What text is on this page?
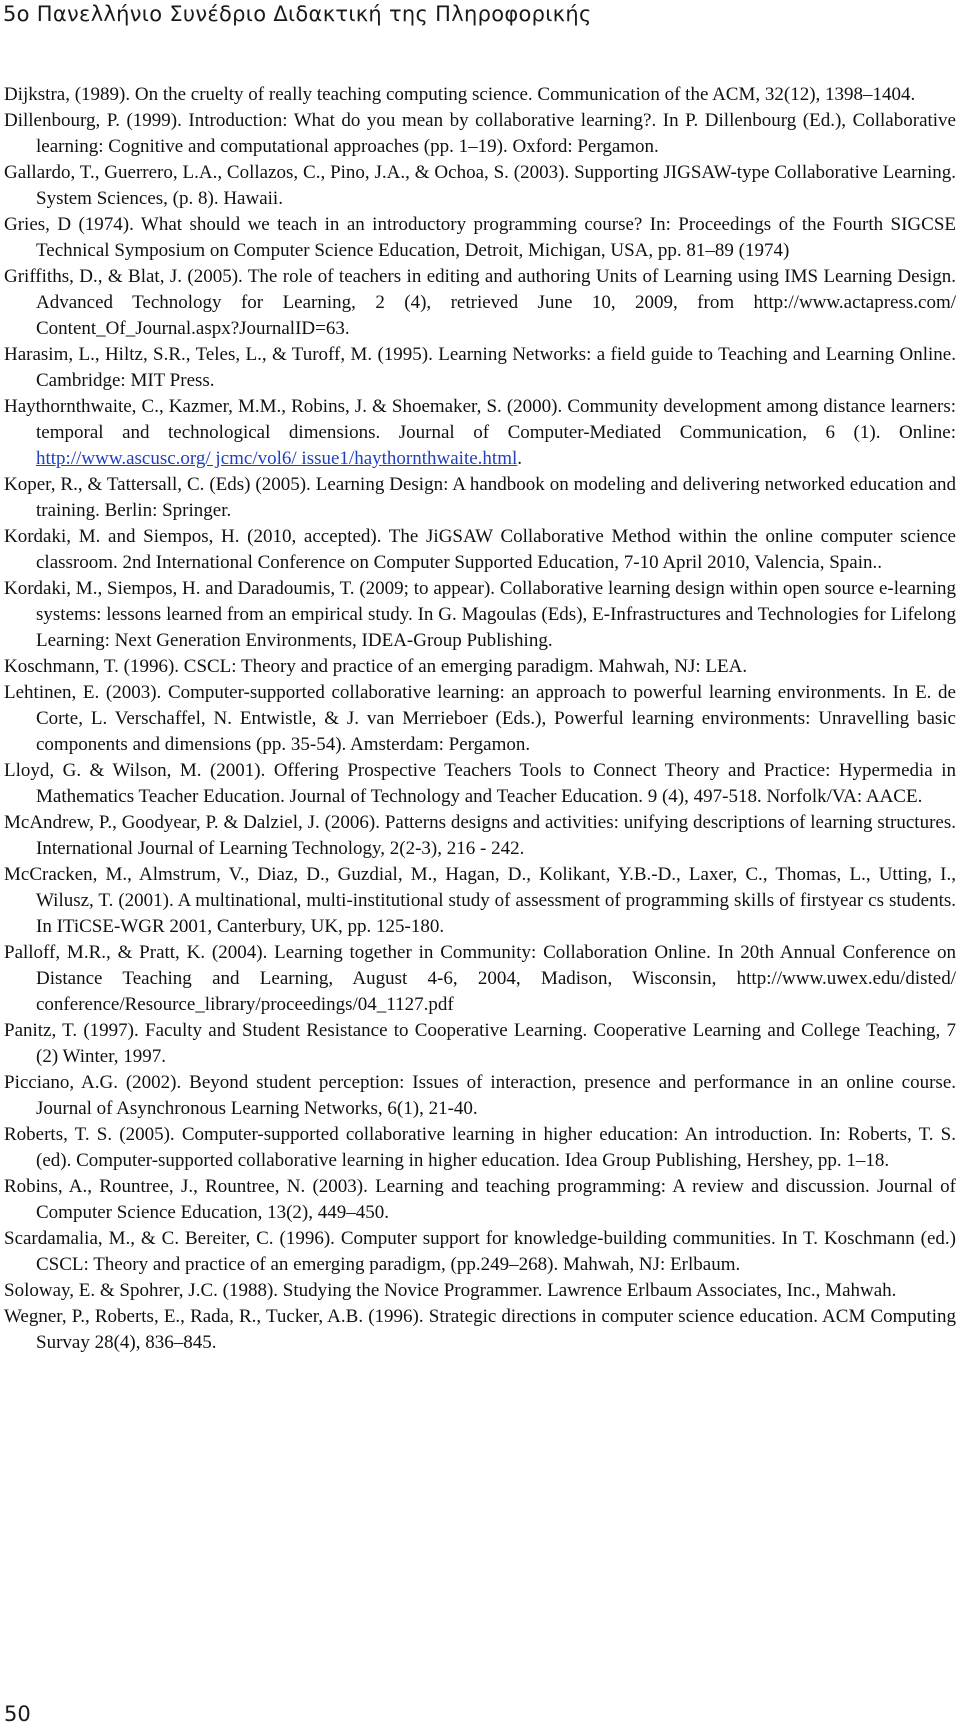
5ο Πανελλήνιο Συνέδριο Διδακτική της Πληροφορικής
Dijkstra, (1989). On the cruelty of really teaching computing science. Communication of the ACM, 32(12), 1398–1404.
Dillenbourg, P. (1999). Introduction: What do you mean by collaborative learning?. In P. Dillenbourg (Ed.), Collaborative learning: Cognitive and computational approaches (pp. 1–19). Oxford: Pergamon.
Gallardo, T., Guerrero, L.A., Collazos, C., Pino, J.A., & Ochoa, S. (2003). Supporting JIGSAW-type Collaborative Learning. System Sciences, (p. 8). Hawaii.
Gries, D (1974). What should we teach in an introductory programming course? In: Proceedings of the Fourth SIGCSE Technical Symposium on Computer Science Education, Detroit, Michigan, USA, pp. 81–89 (1974)
Griffiths, D., & Blat, J. (2005). The role of teachers in editing and authoring Units of Learning using IMS Learning Design. Advanced Technology for Learning, 2 (4), retrieved June 10, 2009, from http://www.actapress.com/ Content_Of_Journal.aspx?JournalID=63.
Harasim, L., Hiltz, S.R., Teles, L., & Turoff, M. (1995). Learning Networks: a field guide to Teaching and Learning Online. Cambridge: MIT Press.
Haythornthwaite, C., Kazmer, M.M., Robins, J. & Shoemaker, S. (2000). Community development among distance learners: temporal and technological dimensions. Journal of Computer-Mediated Communication, 6 (1). Online: http://www.ascusc.org/ jcmc/vol6/ issue1/haythornthwaite.html.
Koper, R., & Tattersall, C. (Eds) (2005). Learning Design: A handbook on modeling and delivering networked education and training. Berlin: Springer.
Kordaki, M. and Siempos, H. (2010, accepted). The JiGSAW Collaborative Method within the online computer science classroom. 2nd International Conference on Computer Supported Education, 7-10 April 2010, Valencia, Spain..
Kordaki, M., Siempos, H. and Daradoumis, T. (2009; to appear). Collaborative learning design within open source e-learning systems: lessons learned from an empirical study. In G. Magoulas (Eds), E-Infrastructures and Technologies for Lifelong Learning: Next Generation Environments, IDEA-Group Publishing.
Koschmann, T. (1996). CSCL: Theory and practice of an emerging paradigm. Mahwah, NJ: LEA.
Lehtinen, E. (2003). Computer-supported collaborative learning: an approach to powerful learning environments. In E. de Corte, L. Verschaffel, N. Entwistle, & J. van Merrieboer (Eds.), Powerful learning environments: Unravelling basic components and dimensions (pp. 35-54). Amsterdam: Pergamon.
Lloyd, G. & Wilson, M. (2001). Offering Prospective Teachers Tools to Connect Theory and Practice: Hypermedia in Mathematics Teacher Education. Journal of Technology and Teacher Education. 9 (4), 497-518. Norfolk/VA: AACE.
McAndrew, P., Goodyear, P. & Dalziel, J. (2006). Patterns designs and activities: unifying descriptions of learning structures. International Journal of Learning Technology, 2(2-3), 216 - 242.
McCracken, M., Almstrum, V., Diaz, D., Guzdial, M., Hagan, D., Kolikant, Y.B.-D., Laxer, C., Thomas, L., Utting, I., Wilusz, T. (2001). A multinational, multi-institutional study of assessment of programming skills of firstyear cs students. In ITiCSE-WGR 2001, Canterbury, UK, pp. 125-180.
Palloff, M.R., & Pratt, K. (2004). Learning together in Community: Collaboration Online. In 20th Annual Conference on Distance Teaching and Learning, August 4-6, 2004, Madison, Wisconsin, http://www.uwex.edu/disted/ conference/Resource_library/proceedings/04_1127.pdf
Panitz, T. (1997). Faculty and Student Resistance to Cooperative Learning. Cooperative Learning and College Teaching, 7 (2) Winter, 1997.
Picciano, A.G. (2002). Beyond student perception: Issues of interaction, presence and performance in an online course. Journal of Asynchronous Learning Networks, 6(1), 21-40.
Roberts, T. S. (2005). Computer-supported collaborative learning in higher education: An introduction. In: Roberts, T. S. (ed). Computer-supported collaborative learning in higher education. Idea Group Publishing, Hershey, pp. 1–18.
Robins, A., Rountree, J., Rountree, N. (2003). Learning and teaching programming: A review and discussion. Journal of Computer Science Education, 13(2), 449–450.
Scardamalia, M., & C. Bereiter, C. (1996). Computer support for knowledge-building communities. In T. Koschmann (ed.) CSCL: Theory and practice of an emerging paradigm, (pp.249–268). Mahwah, NJ: Erlbaum.
Soloway, E. & Spohrer, J.C. (1988). Studying the Novice Programmer. Lawrence Erlbaum Associates, Inc., Mahwah.
Wegner, P., Roberts, E., Rada, R., Tucker, A.B. (1996). Strategic directions in computer science education. ACM Computing Survay 28(4), 836–845.
50
